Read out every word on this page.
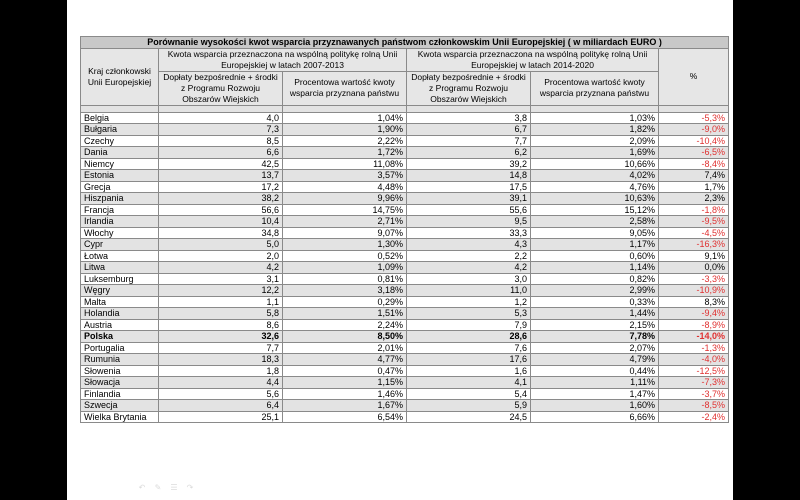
Porównanie wysokości kwot wsparcia przyznawanych państwom członkowskim Unii Europejskiej ( w miliardach EURO )					
Kraj członkowski Unii Europejskiej	Kwota wsparcia przeznaczona na wspólną politykę rolną Unii Europejskiej w latach 2007-2013		Kwota wsparcia przeznaczona na wspólną politykę rolną Unii Europejskiej w latach 2014-2020		%
	Dopłaty bezpośrednie + środki z Programu Rozwoju Obszarów Wiejskich	Procentowa wartość kwoty wsparcia przyznana państwu	Dopłaty bezpośrednie + środki z Programu Rozwoju Obszarów Wiejskich	Procentowa wartość kwoty wsparcia przyznana państwu	

Belgia	4,0	1,04%	3,8	1,03%	-5,3%
Bułgaria	7,3	1,90%	6,7	1,82%	-9,0%
Czechy	8,5	2,22%	7,7	2,09%	-10,4%
Dania	6,6	1,72%	6,2	1,69%	-6,5%
Niemcy	42,5	11,08%	39,2	10,66%	-8,4%
Estonia	13,7	3,57%	14,8	4,02%	7,4%
Grecja	17,2	4,48%	17,5	4,76%	1,7%
Hiszpania	38,2	9,96%	39,1	10,63%	2,3%
Francja	56,6	14,75%	55,6	15,12%	-1,8%
Irlandia	10,4	2,71%	9,5	2,58%	-9,5%
Włochy	34,8	9,07%	33,3	9,05%	-4,5%
Cypr	5,0	1,30%	4,3	1,17%	-16,3%
Łotwa	2,0	0,52%	2,2	0,60%	9,1%
Litwa	4,2	1,09%	4,2	1,14%	0,0%
Luksemburg	3,1	0,81%	3,0	0,82%	-3,3%
Węgry	12,2	3,18%	11,0	2,99%	-10,9%
Malta	1,1	0,29%	1,2	0,33%	8,3%
Holandia	5,8	1,51%	5,3	1,44%	-9,4%
Austria	8,6	2,24%	7,9	2,15%	-8,9%
Polska	32,6	8,50%	28,6	7,78%	-14,0%
Portugalia	7,7	2,01%	7,6	2,07%	-1,3%
Rumunia	18,3	4,77%	17,6	4,79%	-4,0%
Słowenia	1,8	0,47%	1,6	0,44%	-12,5%
Słowacja	4,4	1,15%	4,1	1,11%	-7,3%
Finlandia	5,6	1,46%	5,4	1,47%	-3,7%
Szwecja	6,4	1,67%	5,9	1,60%	-8,5%
Wielka Brytania	25,1	6,54%	24,5	6,66%	-2,4%
↶ ✎ ☰ ↷
